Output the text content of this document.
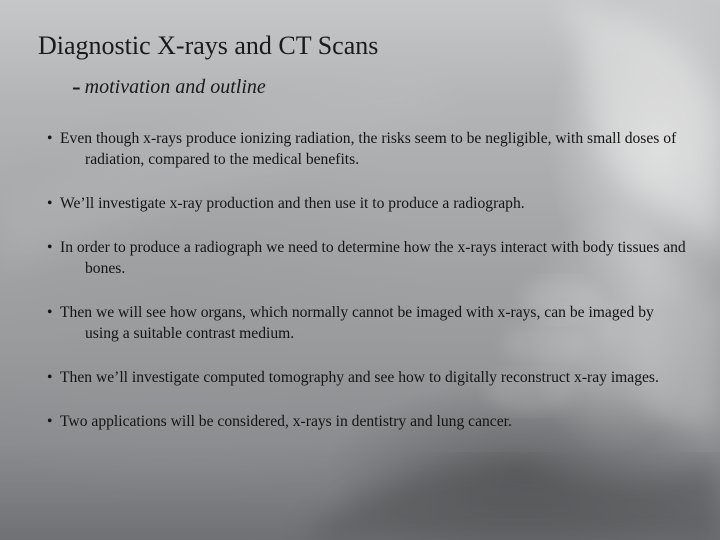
Diagnostic X-rays and CT Scans

- motivation and outline

• Even though x-rays produce ionizing radiation, the risks seem to be negligible, with small doses of radiation, compared to the medical benefits.
• We’ll investigate x-ray production and then use it to produce a radiograph.
• In order to produce a radiograph we need to determine how the x-rays interact with body tissues and bones.
• Then we will see how organs, which normally cannot be imaged with x-rays, can be imaged by using a suitable contrast medium.
• Then we’ll investigate computed tomography and see how to digitally reconstruct x-ray images.
• Two applications will be considered, x-rays in dentistry and lung cancer.
